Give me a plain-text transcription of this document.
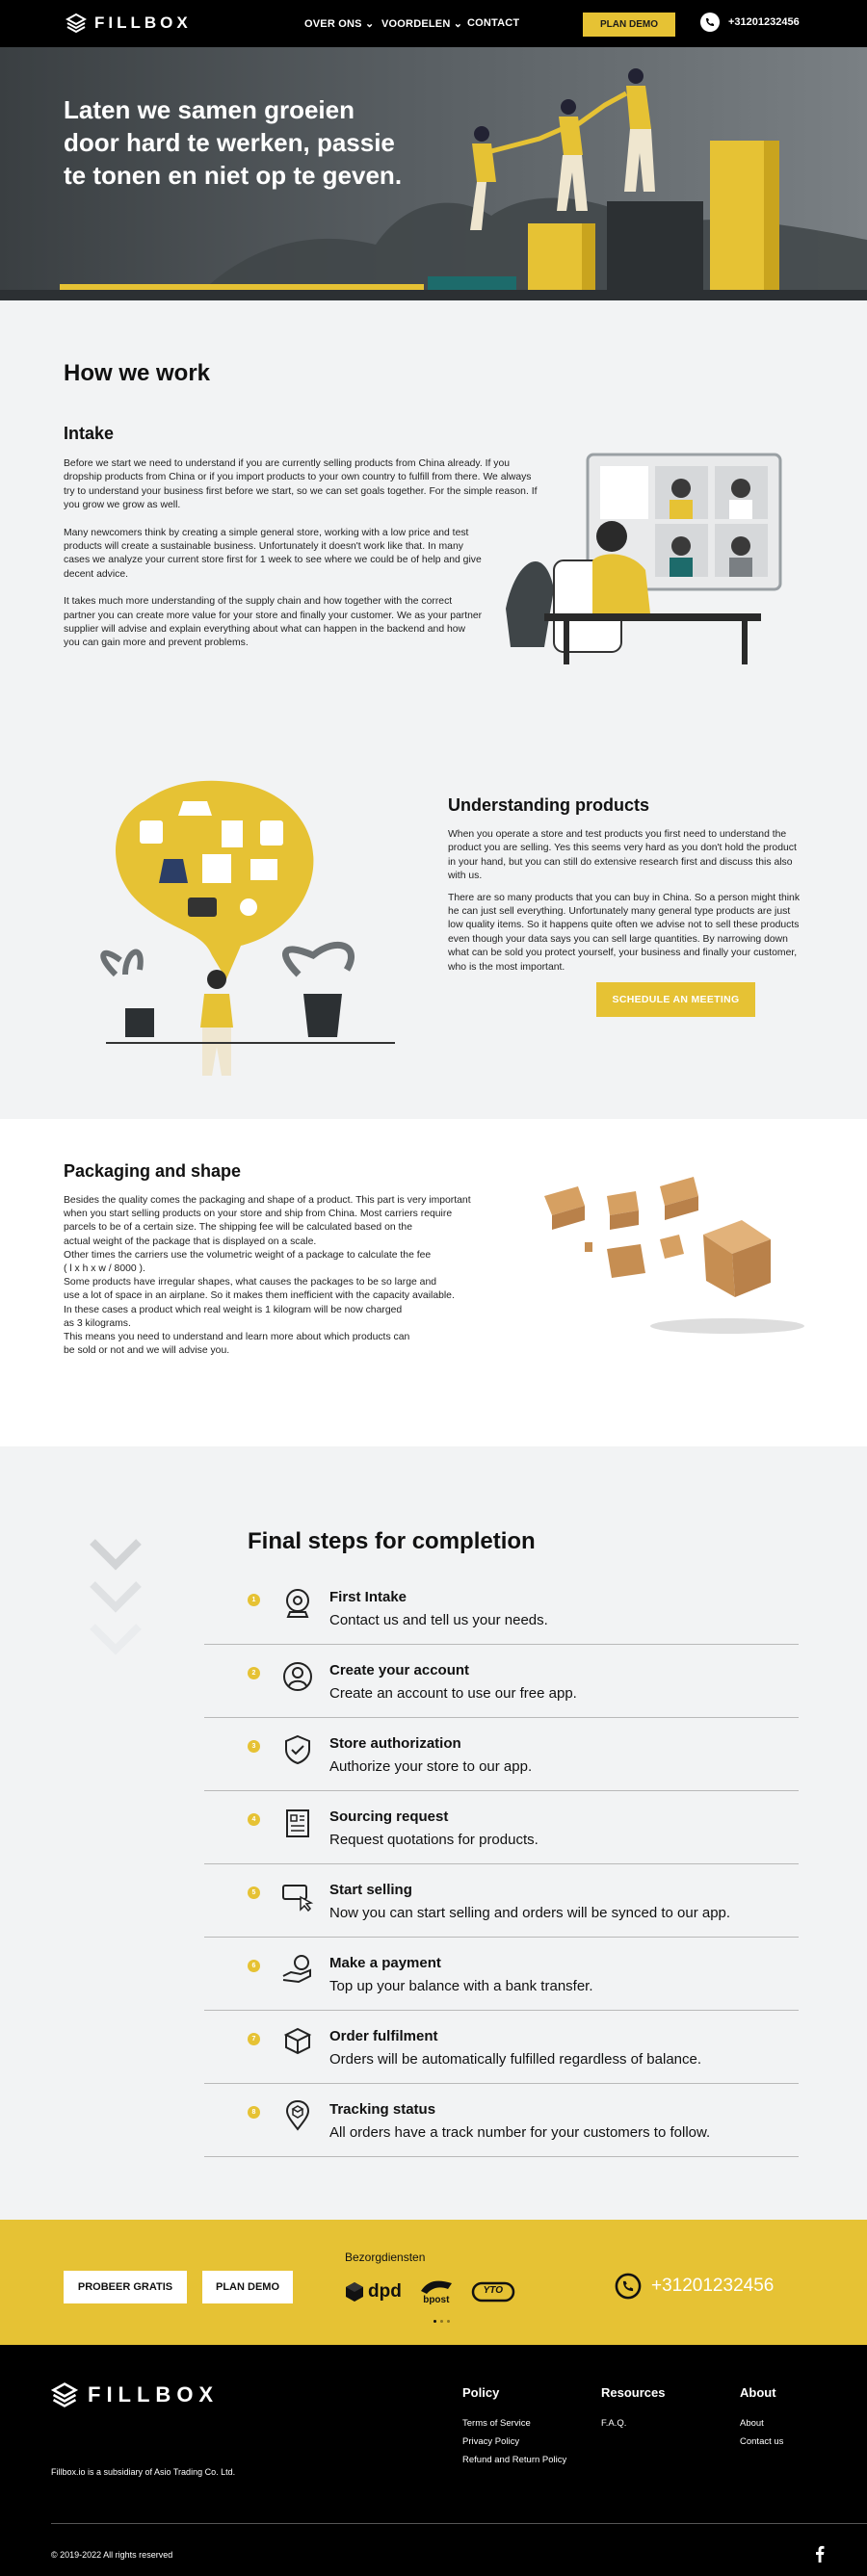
FILLBOX	OVER ONS ⌄ VOORDELEN ⌄ CONTACT	PLAN DEMO	+31201232456
Laten we samen groeien
door hard te werken, passie
te tonen en niet op te geven.
How we work
Intake

Before we start we need to understand if you are currently selling products from China already. If you dropship products from China or if you import products to your own country to fulfill from there. We always try to understand your business first before we start, so we can set goals together. For the simple reason. If you grow we grow as well.

Many newcomers think by creating a simple general store, working with a low price and test products will create a sustainable business. Unfortunately it doesn't work like that. In many cases we analyze your current store first for 1 week to see where we could be of help and give decent advice.

It takes much more understanding of the supply chain and how together with the correct partner you can create more value for your store and finally your customer. We as your partner supplier will advise and explain everything about what can happen in the backend and how you can gain more and prevent problems.

SCHEDULE AN MEETING
Understanding products

When you operate a store and test products you first need to understand the product you are selling. Yes this seems very hard as you don't hold the product in your hand, but you can still do extensive research first and discuss this also with us.

There are so many products that you can buy in China. So a person might think he can just sell everything. Unfortunately many general type products are just low quality items. So it happens quite often we advise not to sell these products even though your data says you can sell large quantities. By narrowing down what can be sold you protect yourself, your business and finally your customer, who is the most important.

Packaging and shape
Besides the quality comes the packaging and shape of a product. This part is very important
when you start selling products on your store and ship from China. Most carriers require
parcels to be of a certain size. The shipping fee will be calculated based on the
actual weight of the package that is displayed on a scale.
Other times the carriers use the volumetric weight of a package to calculate the fee
( l x h x w / 8000 ).
Some products have irregular shapes, what causes the packages to be so large and
use a lot of space in an airplane. So it makes them inefficient with the capacity available.
In these cases a product which real weight is 1 kilogram will be now charged
as 3 kilograms.
This means you need to understand and learn more about which products can
be sold or not and we will advise you.
Final steps for completion
1	First Intake
Contact us and tell us your needs.
2	Create your account
Create an account to use our free app.
3	Store authorization
Authorize your store to our app.
4	Sourcing request
Request quotations for products.
5	Start selling
Now you can start selling and orders will be synced to our app.
6	Make a payment
Top up your balance with a bank transfer.
7	Order fulfilment
Orders will be automatically fulfilled regardless of balance.
8	Tracking status
All orders have a track number for your customers to follow.
PROBEER GRATIS	PLAN DEMO
Bezorgdiensten
dpd bpost
YTO	+31201232456
FILLBOX
Fillbox.io is a subsidiary of Asio Trading Co. Ltd.
Policy
Terms of Service
Privacy Policy
Refund and Return Policy
Resources
F.A.Q.
About
About
Contact us
© 2019-2022 All rights reserved
